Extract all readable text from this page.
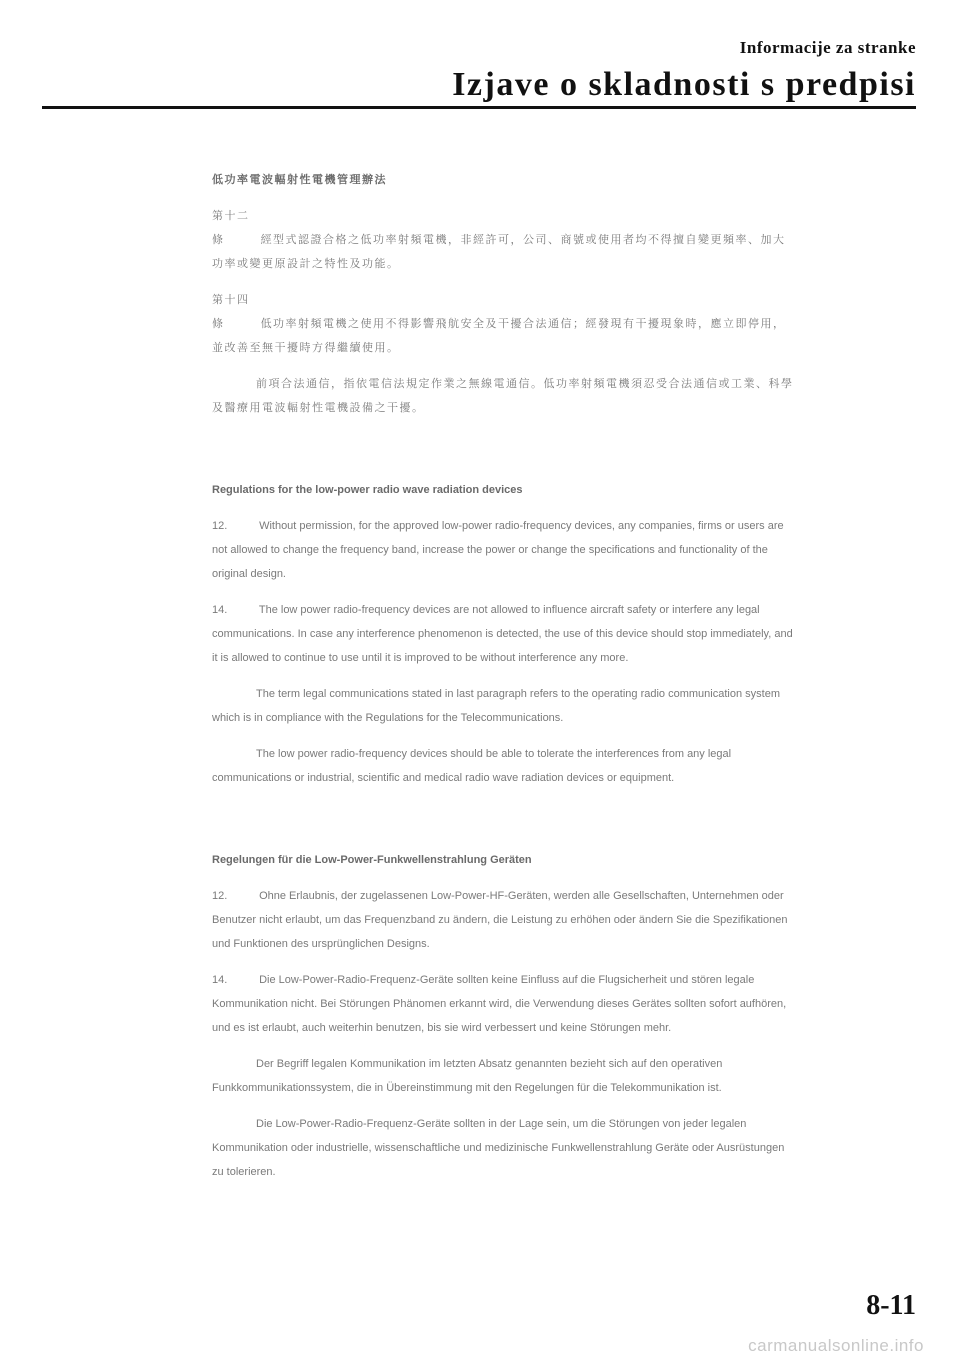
Informacije za stranke
Izjave o skladnosti s predpisi
低功率電波輻射性電機管理辦法
第十二條	經型式認證合格之低功率射頻電機，非經許可，公司、商號或使用者均不得擅自變更頻率、加大功率或變更原設計之特性及功能。
第十四條	低功率射頻電機之使用不得影響飛航安全及干擾合法通信；經發現有干擾現象時，應立即停用，並改善至無干擾時方得繼續使用。
前項合法通信，指依電信法規定作業之無線電通信。低功率射頻電機須忍受合法通信或工業、科學及醫療用電波輻射性電機設備之干擾。
Regulations for the low-power radio wave radiation devices
12.	Without permission, for the approved low-power radio-frequency devices, any companies, firms or users are not allowed to change the frequency band, increase the power or change the specifications and functionality of the original design.
14.	The low power radio-frequency devices are not allowed to influence aircraft safety or interfere any legal communications. In case any interference phenomenon is detected, the use of this device should stop immediately, and it is allowed to continue to use until it is improved to be without interference any more.
The term legal communications stated in last paragraph refers to the operating radio communication system which is in compliance with the Regulations for the Telecommunications.
The low power radio-frequency devices should be able to tolerate the interferences from any legal communications or industrial, scientific and medical radio wave radiation devices or equipment.
Regelungen für die Low-Power-Funkwellenstrahlung Geräten
12.	Ohne Erlaubnis, der zugelassenen Low-Power-HF-Geräten, werden alle Gesellschaften, Unternehmen oder Benutzer nicht erlaubt, um das Frequenzband zu ändern, die Leistung zu erhöhen oder ändern Sie die Spezifikationen und Funktionen des ursprünglichen Designs.
14.	Die Low-Power-Radio-Frequenz-Geräte sollten keine Einfluss auf die Flugsicherheit und stören legale Kommunikation nicht. Bei Störungen Phänomen erkannt wird, die Verwendung dieses Gerätes sollten sofort aufhören, und es ist erlaubt, auch weiterhin benutzen, bis sie wird verbessert und keine Störungen mehr.
Der Begriff legalen Kommunikation im letzten Absatz genannten bezieht sich auf den operativen Funkkommunikationssystem, die in Übereinstimmung mit den Regelungen für die Telekommunikation ist.
Die Low-Power-Radio-Frequenz-Geräte sollten in der Lage sein, um die Störungen von jeder legalen Kommunikation oder industrielle, wissenschaftliche und medizinische Funkwellenstrahlung Geräte oder Ausrüstungen zu tolerieren.
8-11
carmanualsonline.info
